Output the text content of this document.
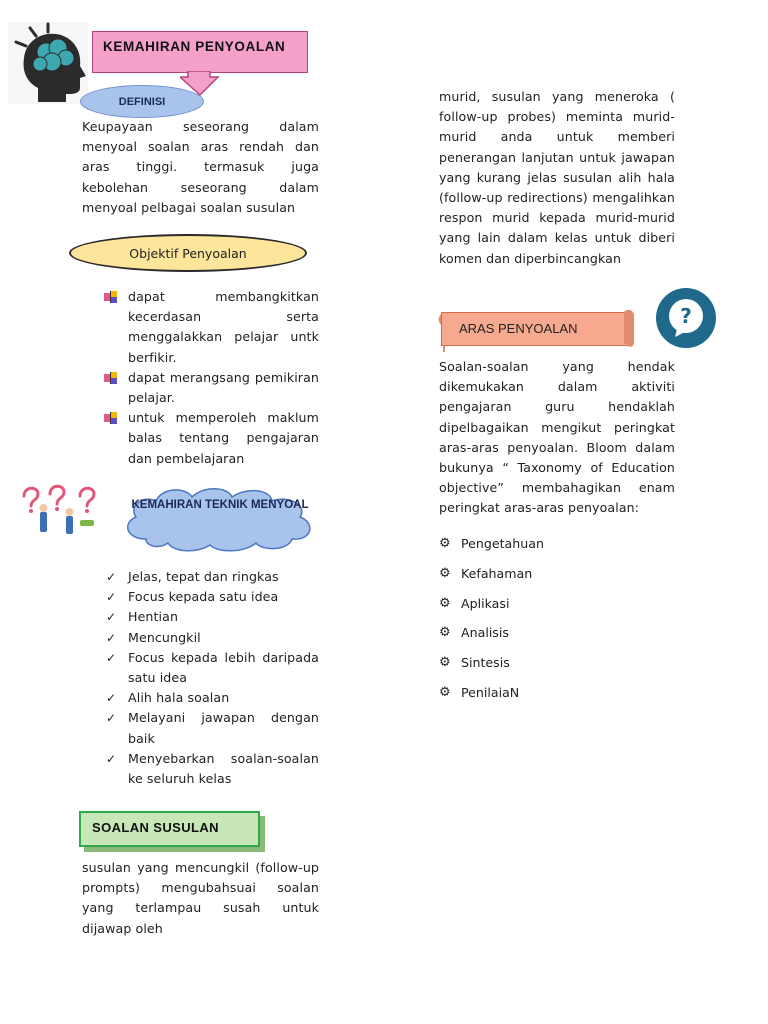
KEMAHIRAN PENYOALAN
DEFINISI

Keupayaan seseorang dalam menyoal soalan aras rendah dan aras tinggi. termasuk juga kebolehan seseorang dalam menyoal pelbagai soalan susulan

Objektif Penyoalan
dapat membangkitkan kecerdasan serta menggalakkan pelajar untk berfikir.
dapat merangsang pemikiran pelajar.
untuk memperoleh maklum balas tentang pengajaran dan pembelajaran
KEMAHIRAN TEKNIK MENYOAL
✓ Jelas, tepat dan ringkas
✓ Focus kepada satu idea
✓ Hentian
✓ Mencungkil
✓ Focus kepada lebih daripada satu idea
✓ Alih hala soalan
✓ Melayani jawapan dengan baik
✓ Menyebarkan soalan-soalan ke seluruh kelas
SOALAN SUSULAN

susulan yang mencungkil (follow-up prompts) mengubahsuai soalan yang terlampau susah untuk dijawap oleh

murid, susulan yang meneroka ( follow-up probes) meminta murid-murid anda untuk memberi penerangan lanjutan untuk jawapan yang kurang jelas susulan alih hala (follow-up redirections) mengalihkan respon murid kepada murid-murid yang lain dalam kelas untuk diberi komen dan diperbincangkan

?
ARAS PENYOALAN

Soalan-soalan yang hendak dikemukakan dalam aktiviti pengajaran guru hendaklah dipelbagaikan mengikut peringkat aras-aras penyoalan. Bloom dalam bukunya “ Taxonomy of Education objective” membahagikan enam peringkat aras-aras penyoalan:

⚙ Pengetahuan
⚙ Kefahaman
⚙ Aplikasi
⚙ Analisis
⚙ Sintesis
⚙ PenilaiaN
